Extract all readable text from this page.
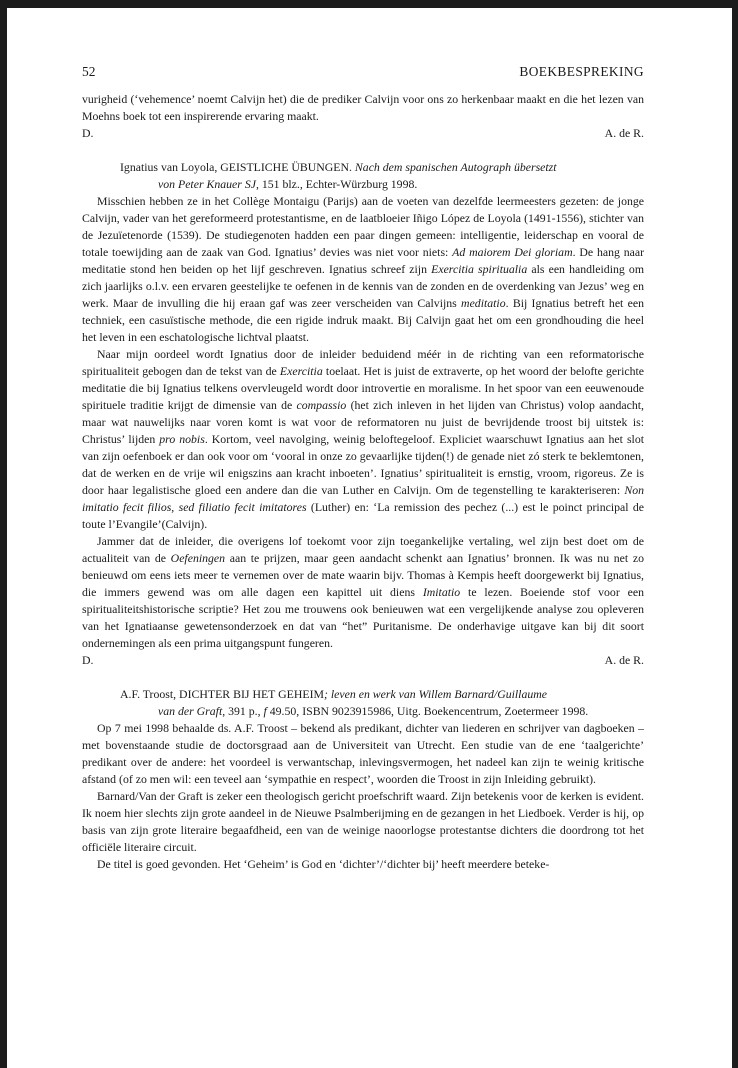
52	BOEKBESPREKING

vurigheid (‘vehemence’ noemt Calvijn het) die de prediker Calvijn voor ons zo herkenbaar maakt en die het lezen van Moehns boek tot een inspirerende ervaring maakt.

D.	A. de R.

Ignatius van Loyola, GEISTLICHE ÜBUNGEN. Nach dem spanischen Autograph übersetzt
von Peter Knauer SJ, 151 blz., Echter-Würzburg 1998.

Misschien hebben ze in het Collège Montaigu (Parijs) aan de voeten van dezelfde leermeesters gezeten: de jonge Calvijn, vader van het gereformeerd protestantisme, en de laatbloeier Iñigo López de Loyola (1491-1556), stichter van de Jezuïetenorde (1539). De studiegenoten hadden een paar dingen gemeen: intelligentie, leiderschap en vooral de totale toewijding aan de zaak van God. Ignatius’ devies was niet voor niets: Ad maiorem Dei gloriam. De hang naar meditatie stond hen beiden op het lijf geschreven. Ignatius schreef zijn Exercitia spiritualia als een handleiding om zich jaarlijks o.l.v. een ervaren geestelijke te oefenen in de kennis van de zonden en de overdenking van Jezus’ weg en werk. Maar de invulling die hij eraan gaf was zeer verscheiden van Calvijns meditatio. Bij Ignatius betreft het een techniek, een casuïstische methode, die een rigide indruk maakt. Bij Calvijn gaat het om een grondhouding die heel het leven in een eschatologische lichtval plaatst.

Naar mijn oordeel wordt Ignatius door de inleider beduidend méér in de richting van een reformatorische spiritualiteit gebogen dan de tekst van de Exercitia toelaat. Het is juist de extraverte, op het woord der belofte gerichte meditatie die bij Ignatius telkens overvleugeld wordt door introvertie en moralisme. In het spoor van een eeuwenoude spirituele traditie krijgt de dimensie van de compassio (het zich inleven in het lijden van Christus) volop aandacht, maar wat nauwelijks naar voren komt is wat voor de reformatoren nu juist de bevrijdende troost bij uitstek is: Christus’ lijden pro nobis. Kortom, veel navolging, weinig beloftegeloof. Expliciet waarschuwt Ignatius aan het slot van zijn oefenboek er dan ook voor om ‘vooral in onze zo gevaarlijke tijden(!) de genade niet zó sterk te beklemtonen, dat de werken en de vrije wil enigszins aan kracht inboeten’. Ignatius’ spiritualiteit is ernstig, vroom, rigoreus. Ze is door haar legalistische gloed een andere dan die van Luther en Calvijn. Om de tegenstelling te karakteriseren: Non imitatio fecit filios, sed filiatio fecit imitatores (Luther) en: ‘La remission des pechez (...) est le poinct principal de toute l’Evangile’(Calvijn).

Jammer dat de inleider, die overigens lof toekomt voor zijn toegankelijke vertaling, wel zijn best doet om de actualiteit van de Oefeningen aan te prijzen, maar geen aandacht schenkt aan Ignatius’ bronnen. Ik was nu net zo benieuwd om eens iets meer te vernemen over de mate waarin bijv. Thomas à Kempis heeft doorgewerkt bij Ignatius, die immers gewend was om alle dagen een kapittel uit diens Imitatio te lezen. Boeiende stof voor een spiritualiteitshistorische scriptie? Het zou me trouwens ook benieuwen wat een vergelijkende analyse zou opleveren van het Ignatiaanse gewetensonderzoek en dat van “het” Puritanisme. De onderhavige uitgave kan bij dit soort ondernemingen als een prima uitgangspunt fungeren.

D.	A. de R.

A.F. Troost, DICHTER BIJ HET GEHEIM; leven en werk van Willem Barnard/Guillaume
van der Graft, 391 p., f 49.50, ISBN 9023915986, Uitg. Boekencentrum, Zoetermeer 1998.

Op 7 mei 1998 behaalde ds. A.F. Troost – bekend als predikant, dichter van liederen en schrijver van dagboeken – met bovenstaande studie de doctorsgraad aan de Universiteit van Utrecht. Een studie van de ene ‘taalgerichte’ predikant over de andere: het voordeel is verwantschap, inlevingsvermogen, het nadeel kan zijn te weinig kritische afstand (of zo men wil: een teveel aan ‘sympathie en respect’, woorden die Troost in zijn Inleiding gebruikt).

Barnard/Van der Graft is zeker een theologisch gericht proefschrift waard. Zijn betekenis voor de kerken is evident. Ik noem hier slechts zijn grote aandeel in de Nieuwe Psalmberijming en de gezangen in het Liedboek. Verder is hij, op basis van zijn grote literaire begaafdheid, een van de weinige naoorlogse protestantse dichters die doordrong tot het officiële literaire circuit.

De titel is goed gevonden. Het ‘Geheim’ is God en ‘dichter’/‘dichter bij’ heeft meerdere beteke-
